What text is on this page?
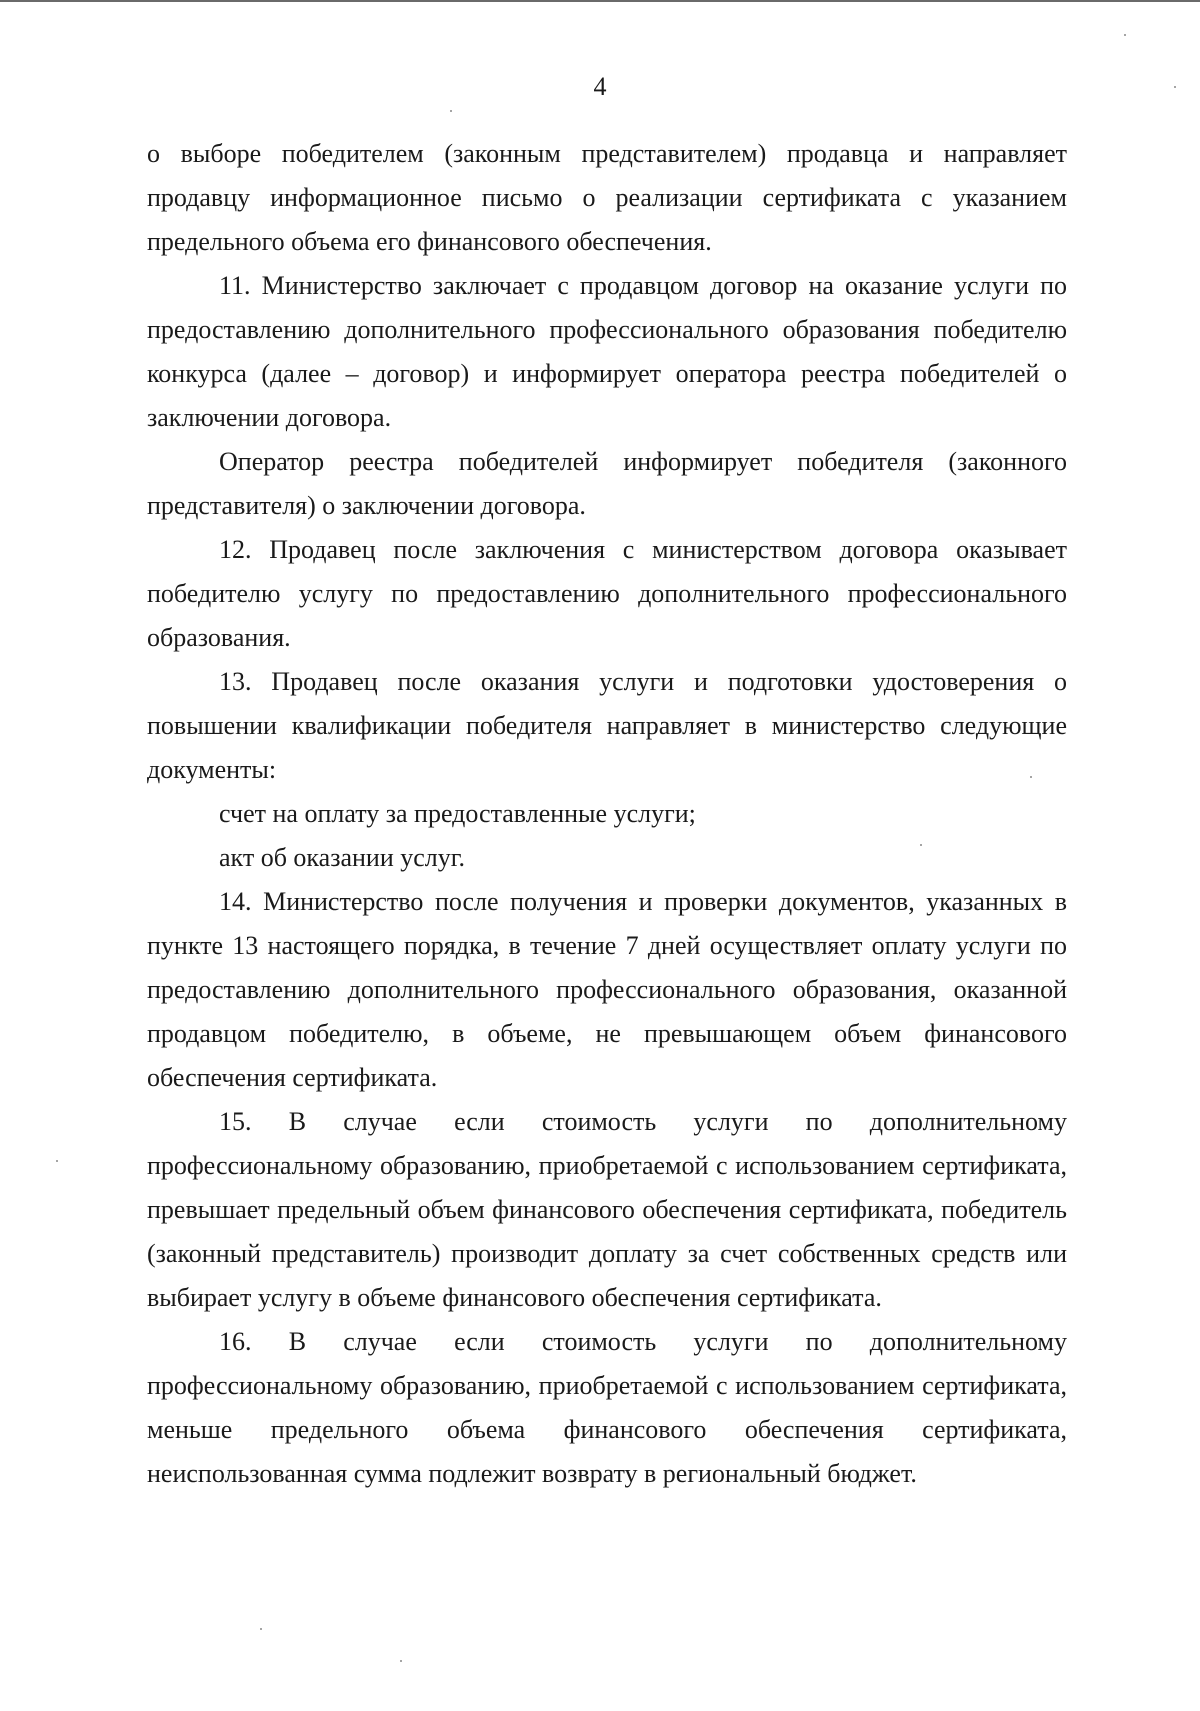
4

о выборе победителем (законным представителем) продавца и направляет продавцу информационное письмо о реализации сертификата с указанием предельного объема его финансового обеспечения.

11. Министерство заключает с продавцом договор на оказание услуги по предоставлению дополнительного профессионального образования победителю конкурса (далее – договор) и информирует оператора реестра победителей о заключении договора.

Оператор реестра победителей информирует победителя (законного представителя) о заключении договора.

12. Продавец после заключения с министерством договора оказывает победителю услугу по предоставлению дополнительного профессионального образования.

13. Продавец после оказания услуги и подготовки удостоверения о повышении квалификации победителя направляет в министерство следующие документы:

счет на оплату за предоставленные услуги;

акт об оказании услуг.

14. Министерство после получения и проверки документов, указанных в пункте 13 настоящего порядка, в течение 7 дней осуществляет оплату услуги по предоставлению дополнительного профессионального образования, оказанной продавцом победителю, в объеме, не превышающем объем финансового обеспечения сертификата.

15. В случае если стоимость услуги по дополнительному профессиональному образованию, приобретаемой с использованием сертификата, превышает предельный объем финансового обеспечения сертификата, победитель (законный представитель) производит доплату за счет собственных средств или выбирает услугу в объеме финансового обеспечения сертификата.

16. В случае если стоимость услуги по дополнительному профессиональному образованию, приобретаемой с использованием сертификата, меньше предельного объема финансового обеспечения сертификата, неиспользованная сумма подлежит возврату в региональный бюджет.
